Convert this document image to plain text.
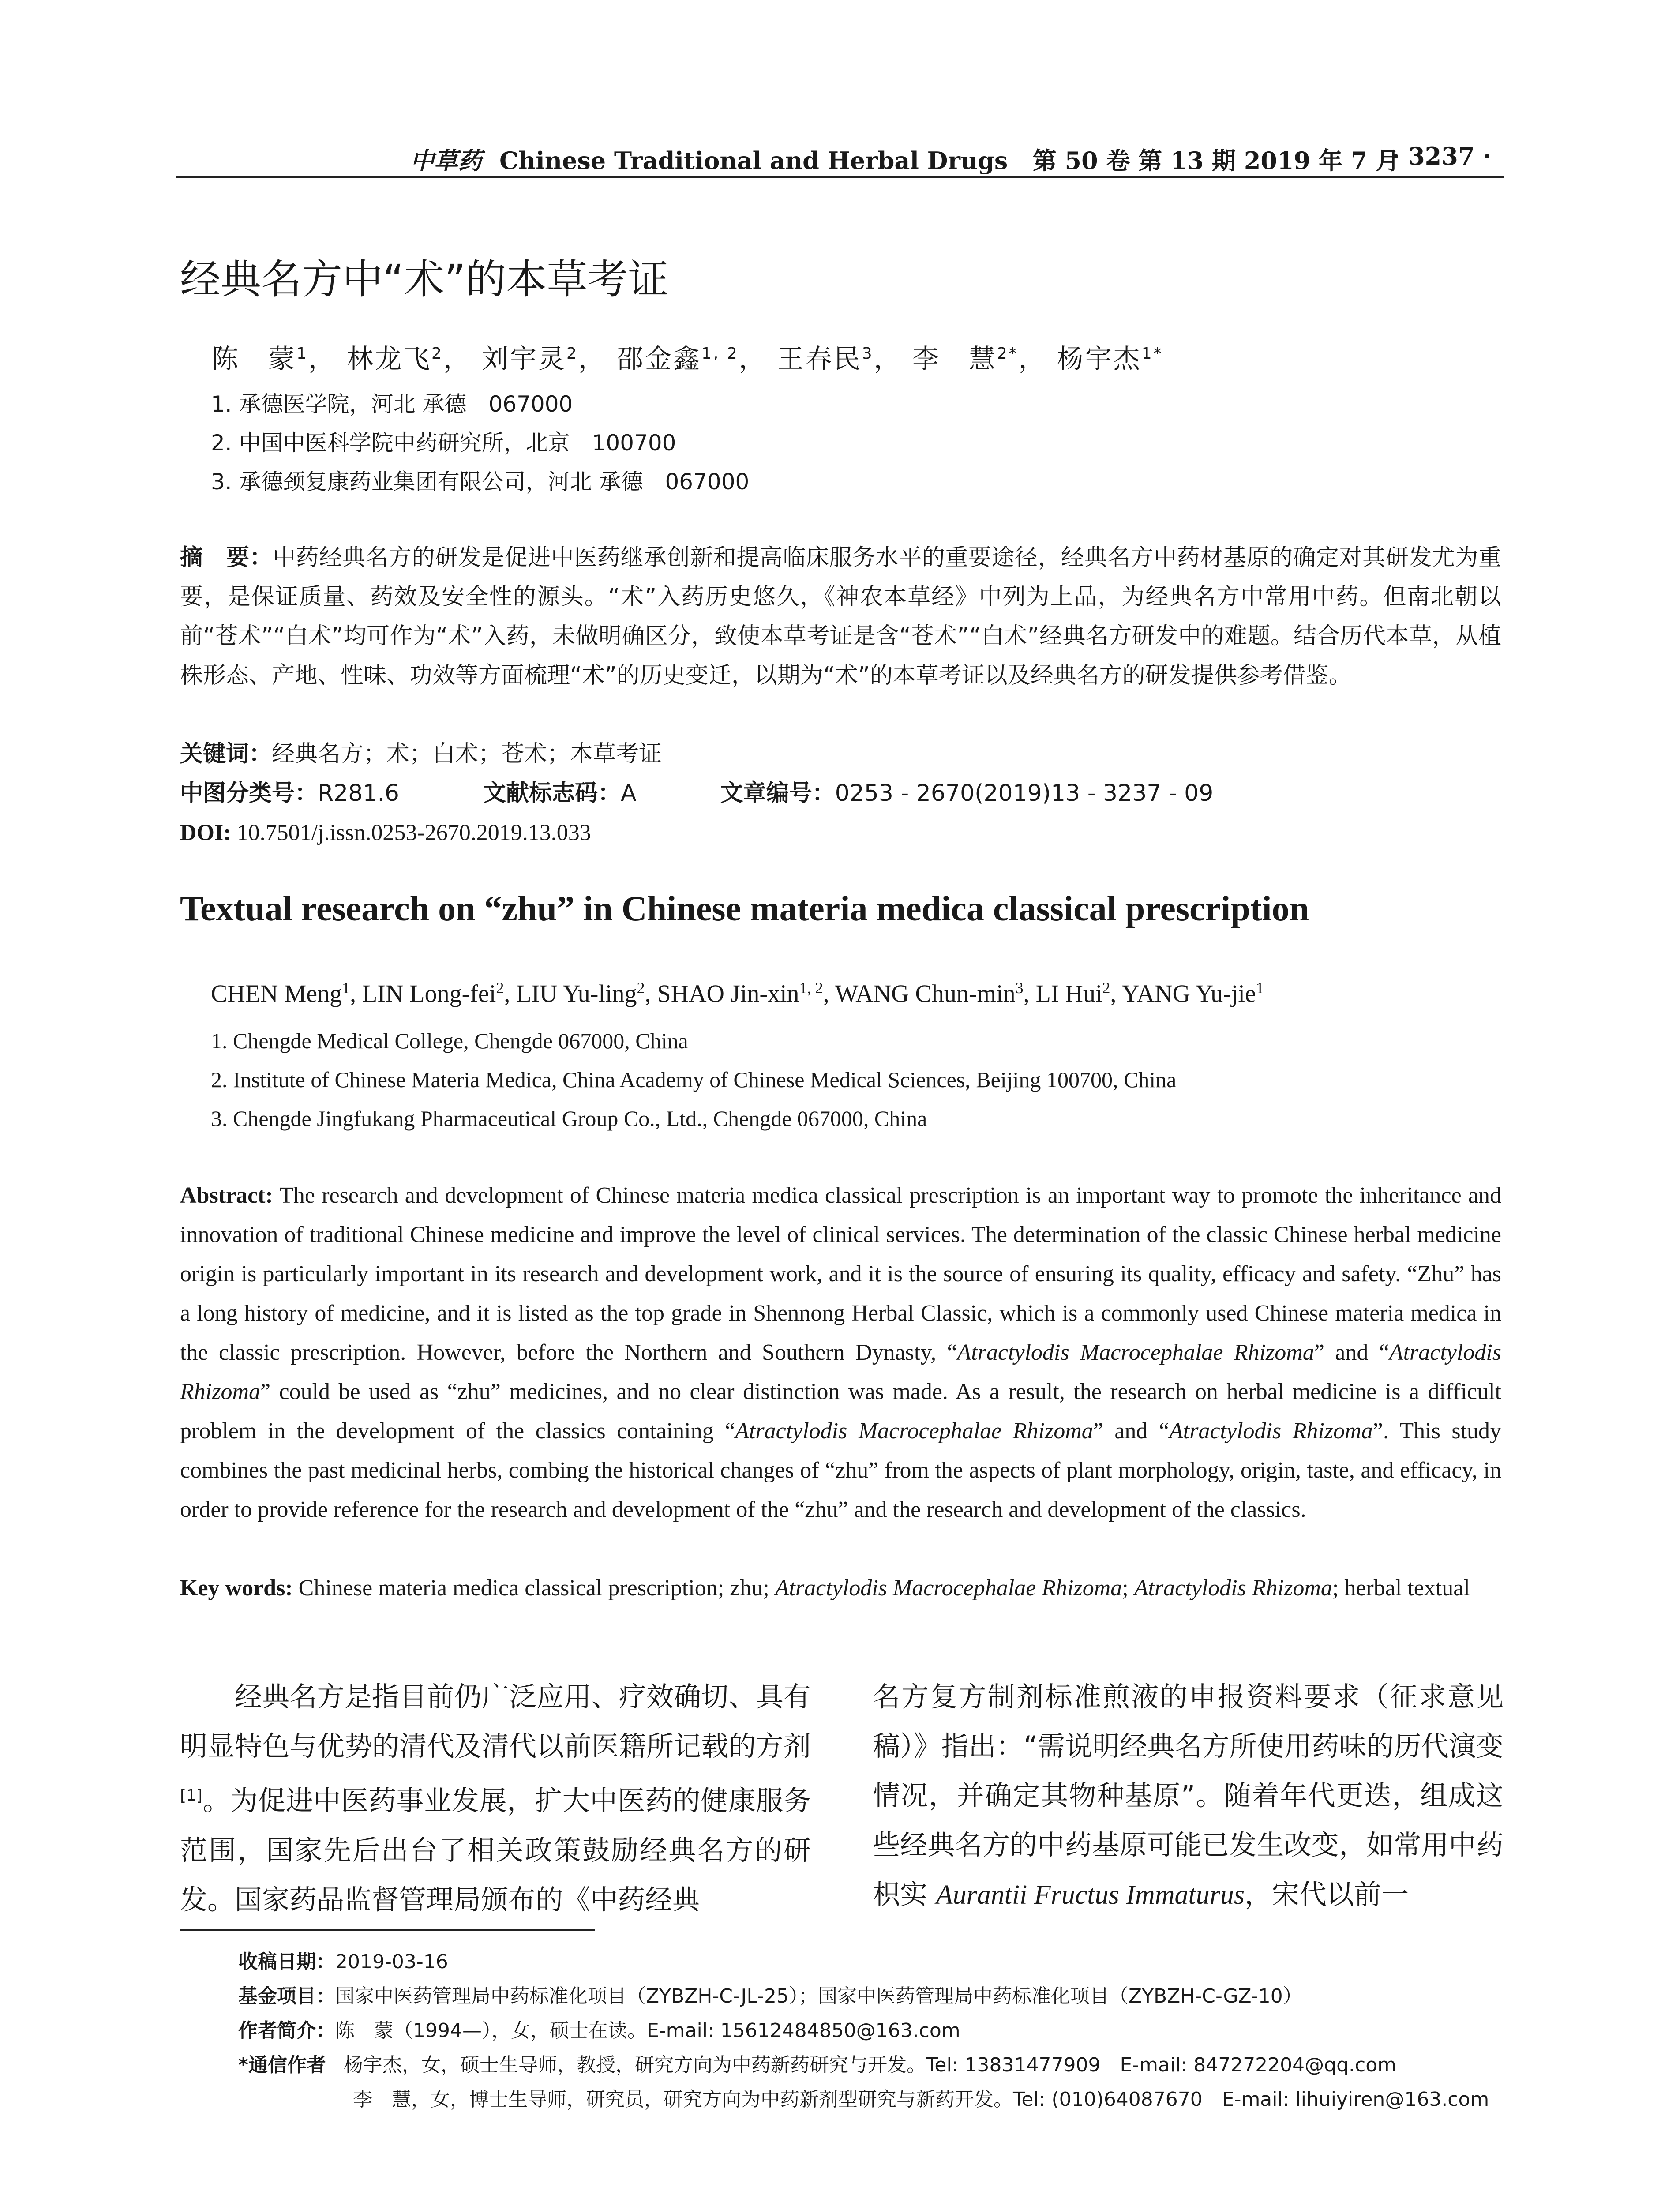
中草药 Chinese Traditional and Herbal Drugs 第 50 卷 第 13 期 2019 年 7 月
· 3237 ·
经典名方中“术”的本草考证
陈　蒙$^1$， 林龙飞$^2$， 刘宇灵$^2$， 邵金鑫$^{1, 2}$， 王春民$^3$， 李　慧$^{2*}$， 杨宇杰$^{1*}$
1. 承德医学院，河北 承德　067000
2. 中国中医科学院中药研究所，北京　100700
3. 承德颈复康药业集团有限公司，河北 承德　067000
摘　要：中药经典名方的研发是促进中医药继承创新和提高临床服务水平的重要途径，经典名方中药材基原的确定对其研发尤为重要，是保证质量、药效及安全性的源头。“术”入药历史悠久，《神农本草经》中列为上品，为经典名方中常用中药。但南北朝以前“苍术”“白术”均可作为“术”入药，未做明确区分，致使本草考证是含“苍术”“白术”经典名方研发中的难题。结合历代本草，从植株形态、产地、性味、功效等方面梳理“术”的历史变迁，以期为“术”的本草考证以及经典名方的研发提供参考借鉴。
关键词：经典名方；术；白术；苍术；本草考证
中图分类号：R281.6	文献标志码：A	文章编号：0253 - 2670(2019)13 - 3237 - 09
DOI: 10.7501/j.issn.0253-2670.2019.13.033
Textual research on “zhu” in Chinese materia medica classical prescription
CHEN Meng$^1$, LIN Long-fei$^2$, LIU Yu-ling$^2$, SHAO Jin-xin$^{1, 2}$, WANG Chun-$\min^3$, LI Hui$^2$, YANG Yu-jie$^1$
1. Chengde Medical College, Chengde 067000, China
2. Institute of Chinese Materia Medica, China Academy of Chinese Medical Sciences, Beijing 100700, China
3. Chengde Jingfukang Pharmaceutical Group Co., Ltd., Chengde 067000, China
Abstract: The research and development of Chinese materia medica classical prescription is an important way to promote the inheritance and innovation of traditional Chinese medicine and improve the level of clinical services. The determination of the classic Chinese herbal medicine origin is particularly important in its research and development work, and it is the source of ensuring its quality, efficacy and safety. “Zhu” has a long history of medicine, and it is listed as the top grade in Shennong Herbal Classic, which is a commonly used Chinese materia medica in the classic prescription. However, before the Northern and Southern Dynasty, “Atractylodis Macrocephalae Rhizoma” and “Atractylodis Rhizoma” could be used as “zhu” medicines, and no clear distinction was made. As a result, the research on herbal medicine is a difficult problem in the development of the classics containing “Atractylodis Macrocephalae Rhizoma” and “Atractylodis Rhizoma”. This study combines the past medicinal herbs, combing the historical changes of “zhu” from the aspects of plant morphology, origin, taste, and efficacy, in order to provide reference for the research and development of the “zhu” and the research and development of the classics.
Key words: Chinese materia medica classical prescription; zhu; Atractylodis Macrocephalae Rhizoma; Atractylodis Rhizoma; herbal textual
经典名方是指目前仍广泛应用、疗效确切、具有明显特色与优势的清代及清代以前医籍所记载的方剂[1]。为促进中医药事业发展，扩大中医药的健康服务范围，国家先后出台了相关政策鼓励经典名方的研发。国家药品监督管理局颁布的《中药经典
名方复方制剂标准煎液的申报资料要求（征求意见稿）》指出：“需说明经典名方所使用药味的历代演变情况，并确定其物种基原”。随着年代更迭，组成这些经典名方的中药基原可能已发生改变，如常用中药枳实 Aurantii Fructus Immaturus，宋代以前一
收稿日期：2019-03-16
基金项目：国家中医药管理局中药标准化项目（ZYBZH-C-JL-25）；国家中医药管理局中药标准化项目（ZYBZH-C-GZ-10）
作者简介：陈　蒙（1994—），女，硕士在读。E-mail: 15612484850@163.com
*通信作者 杨宇杰，女，硕士生导师，教授，研究方向为中药新药研究与开发。Tel: 13831477909　E-mail: 847272204@qq.com
李　慧，女，博士生导师，研究员，研究方向为中药新剂型研究与新药开发。Tel: (010)64087670　E-mail: lihuiyiren@163.com
